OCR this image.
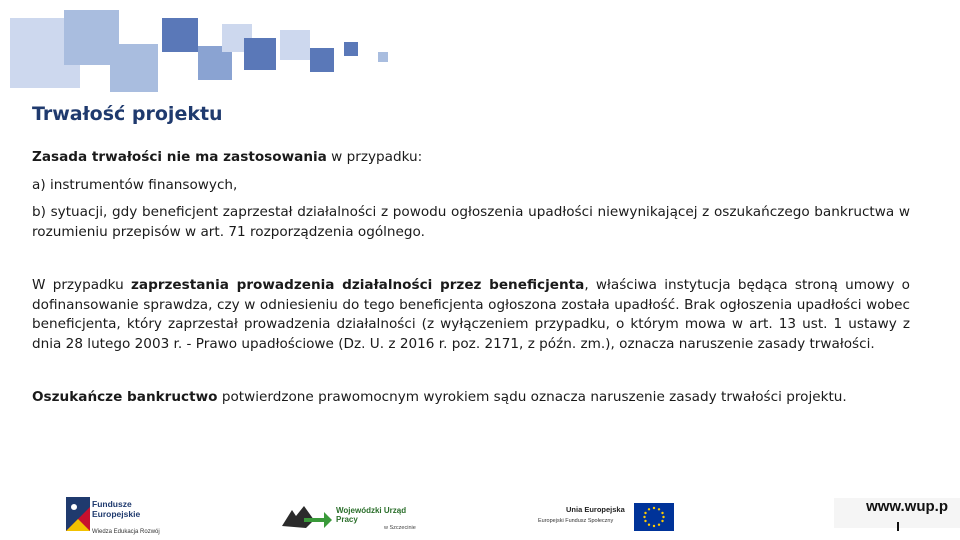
Trwałość projektu

Zasada trwałości nie ma zastosowania w przypadku:

a) instrumentów finansowych,

b) sytuacji, gdy beneficjent zaprzestał działalności z powodu ogłoszenia upadłości niewynikającej z oszukańczego bankructwa w rozumieniu przepisów w art. 71 rozporządzenia ogólnego.

W przypadku zaprzestania prowadzenia działalności przez beneficjenta, właściwa instytucja będąca stroną umowy o dofinansowanie sprawdza, czy w odniesieniu do tego beneficjenta ogłoszona została upadłość. Brak ogłoszenia upadłości wobec beneficjenta, który zaprzestał prowadzenia działalności (z wyłączeniem przypadku, o którym mowa w art. 13 ust. 1 ustawy z dnia 28 lutego 2003 r. - Prawo upadłościowe (Dz. U. z 2016 r. poz. 2171, z późn. zm.), oznacza naruszenie zasady trwałości.

Oszukańcze bankructwo potwierdzone prawomocnym wyrokiem sądu oznacza naruszenie zasady trwałości projektu.

Fundusze
Europejskie
Wiedza Edukacja Rozwój
Wojewódzki Urząd Pracy
w Szczecinie
Unia Europejska
Europejski Fundusz Społeczny
www.wup.p
